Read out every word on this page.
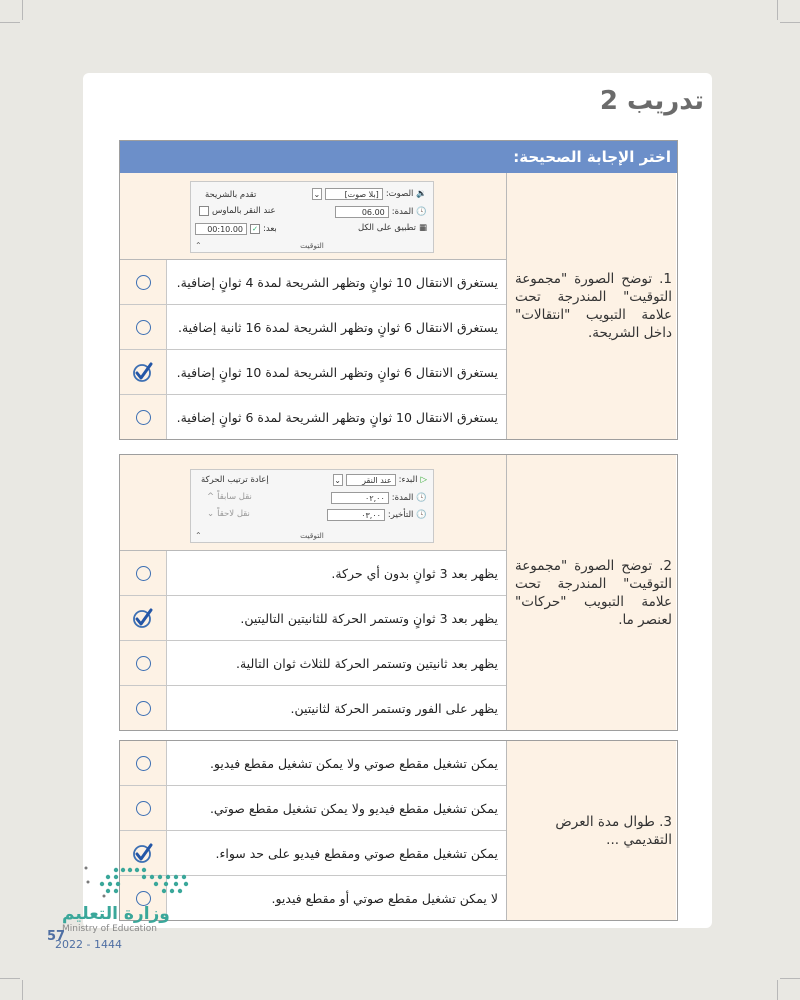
تدريب 2
اختر الإجابة الصحيحة:
🔉
الصوت:
[بلا صوت]
⌄
تقدم بالشريحة
🕓
المدة:
06.00
عند النقر بالماوس
▦
تطبيق على الكل
بعد:
✓
00:10.00
التوقيت
⌃
يستغرق الانتقال 10 ثوانٍ وتظهر الشريحة لمدة 4 ثوانٍ إضافية.
يستغرق الانتقال 6 ثوانٍ وتظهر الشريحة لمدة 16 ثانية إضافية.
يستغرق الانتقال 6 ثوانٍ وتظهر الشريحة لمدة 10 ثوانٍ إضافية.
يستغرق الانتقال 10 ثوانٍ وتظهر الشريحة لمدة 6 ثوانٍ إضافية.
1. توضح الصورة "مجموعة التوقيت" المندرجة تحت علامة التبويب "انتقالات" داخل الشريحة.
▷
البدء:
عند النقر
⌄
إعادة ترتيب الحركة
🕓
المدة:
٠٢,٠٠
نقل سابقاً
^
🕓
التأخير:
٠٣,٠٠
نقل لاحقاً
⌄
التوقيت
⌃
يظهر بعد 3 ثوانٍ بدون أي حركة.
يظهر بعد 3 ثوانٍ وتستمر الحركة للثانيتين التاليتين.
يظهر بعد ثانيتين وتستمر الحركة للثلاث ثوان التالية.
يظهر على الفور وتستمر الحركة لثانيتين.
2. توضح الصورة "مجموعة التوقيت" المندرجة تحت علامة التبويب "حركات" لعنصر ما.
يمكن تشغيل مقطع صوتي ولا يمكن تشغيل مقطع فيديو.
يمكن تشغيل مقطع فيديو ولا يمكن تشغيل مقطع صوتي.
يمكن تشغيل مقطع صوتي ومقطع فيديو على حد سواء.
لا يمكن تشغيل مقطع صوتي أو مقطع فيديو.
3. طوال مدة العرض التقديمي ...
وزارة التعليم
Ministry of Education
57
2022 - 1444
